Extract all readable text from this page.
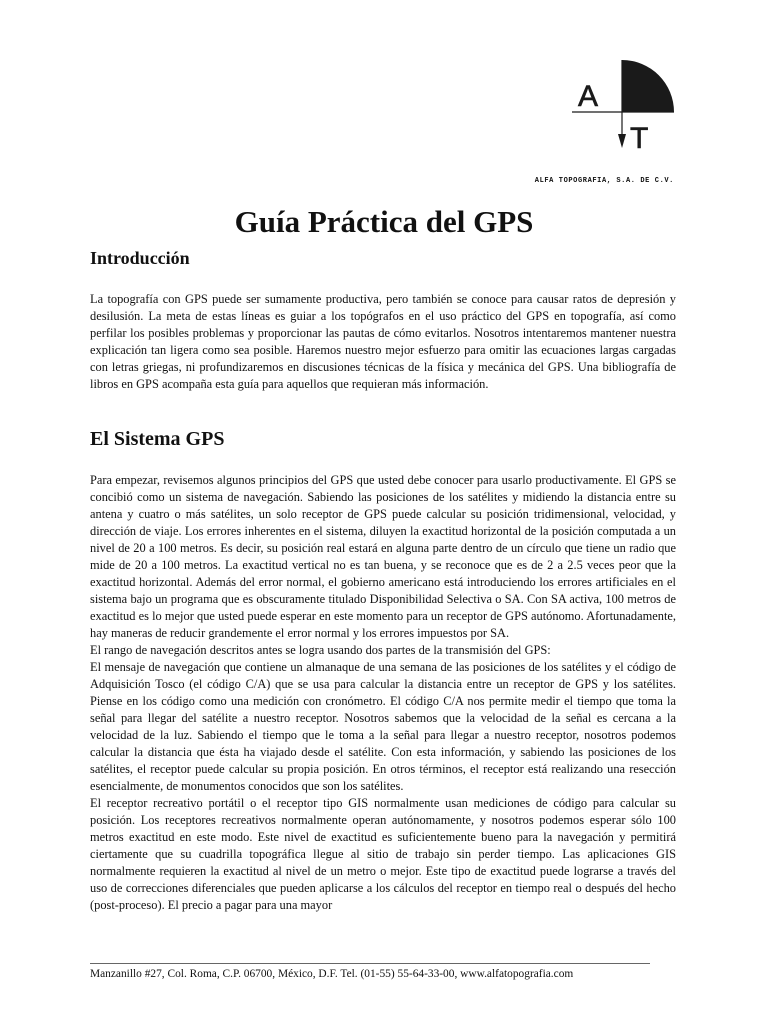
A
T
ALFA TOPOGRAFIA, S.A. DE C.V.
Guía Práctica del GPS
Introducción

La topografía con GPS puede ser sumamente productiva, pero también se conoce para causar ratos de depresión y desilusión. La meta de estas líneas es guiar a los topógrafos en el uso práctico del GPS en topografía, así como perfilar los posibles problemas y proporcionar las pautas de cómo evitarlos. Nosotros intentaremos mantener nuestra explicación tan ligera como sea posible. Haremos nuestro mejor esfuerzo para omitir las ecuaciones largas cargadas con letras griegas, ni profundizaremos en discusiones técnicas de la física y mecánica del GPS. Una bibliografía de libros en GPS acompaña esta guía para aquellos que requieran más información.

El Sistema GPS

Para empezar, revisemos algunos principios del GPS que usted debe conocer para usarlo productivamente. El GPS se concibió como un sistema de navegación. Sabiendo las posiciones de los satélites y midiendo la distancia entre su antena y cuatro o más satélites, un solo receptor de GPS puede calcular su posición tridimensional, velocidad, y dirección de viaje. Los errores inherentes en el sistema, diluyen la exactitud horizontal de la posición computada a un nivel de 20 a 100 metros. Es decir, su posición real estará en alguna parte dentro de un círculo que tiene un radio que mide de 20 a 100 metros. La exactitud vertical no es tan buena, y se reconoce que es de 2 a 2.5 veces peor que la exactitud horizontal. Además del error normal, el gobierno americano está introduciendo los errores artificiales en el sistema bajo un programa que es obscuramente titulado Disponibilidad Selectiva o SA. Con SA activa, 100 metros de exactitud es lo mejor que usted puede esperar en este momento para un receptor de GPS autónomo. Afortunadamente, hay maneras de reducir grandemente el error normal y los errores impuestos por SA.

El rango de navegación descritos antes se logra usando dos partes de la transmisión del GPS:

El mensaje de navegación que contiene un almanaque de una semana de las posiciones de los satélites y el código de Adquisición Tosco (el código C/A) que se usa para calcular la distancia entre un receptor de GPS y los satélites. Piense en los código como una medición con cronómetro. El código C/A nos permite medir el tiempo que toma la señal para llegar del satélite a nuestro receptor. Nosotros sabemos que la velocidad de la señal es cercana a la velocidad de la luz. Sabiendo el tiempo que le toma a la señal para llegar a nuestro receptor, nosotros podemos calcular la distancia que ésta ha viajado desde el satélite. Con esta información, y sabiendo las posiciones de los satélites, el receptor puede calcular su propia posición. En otros términos, el receptor está realizando una resección esencialmente, de monumentos conocidos que son los satélites.

El receptor recreativo portátil o el receptor tipo GIS normalmente usan mediciones de código para calcular su posición. Los receptores recreativos normalmente operan autónomamente, y nosotros podemos esperar sólo 100 metros exactitud en este modo. Este nivel de exactitud es suficientemente bueno para la navegación y permitirá ciertamente que su cuadrilla topográfica llegue al sitio de trabajo sin perder tiempo. Las aplicaciones GIS normalmente requieren la exactitud al nivel de un metro o mejor. Este tipo de exactitud puede lograrse a través del uso de correcciones diferenciales que pueden aplicarse a los cálculos del receptor en tiempo real o después del hecho (post-proceso). El precio a pagar para una mayor

Manzanillo #27, Col. Roma, C.P. 06700, México, D.F. Tel. (01-55) 55-64-33-00, www.alfatopografia.com
